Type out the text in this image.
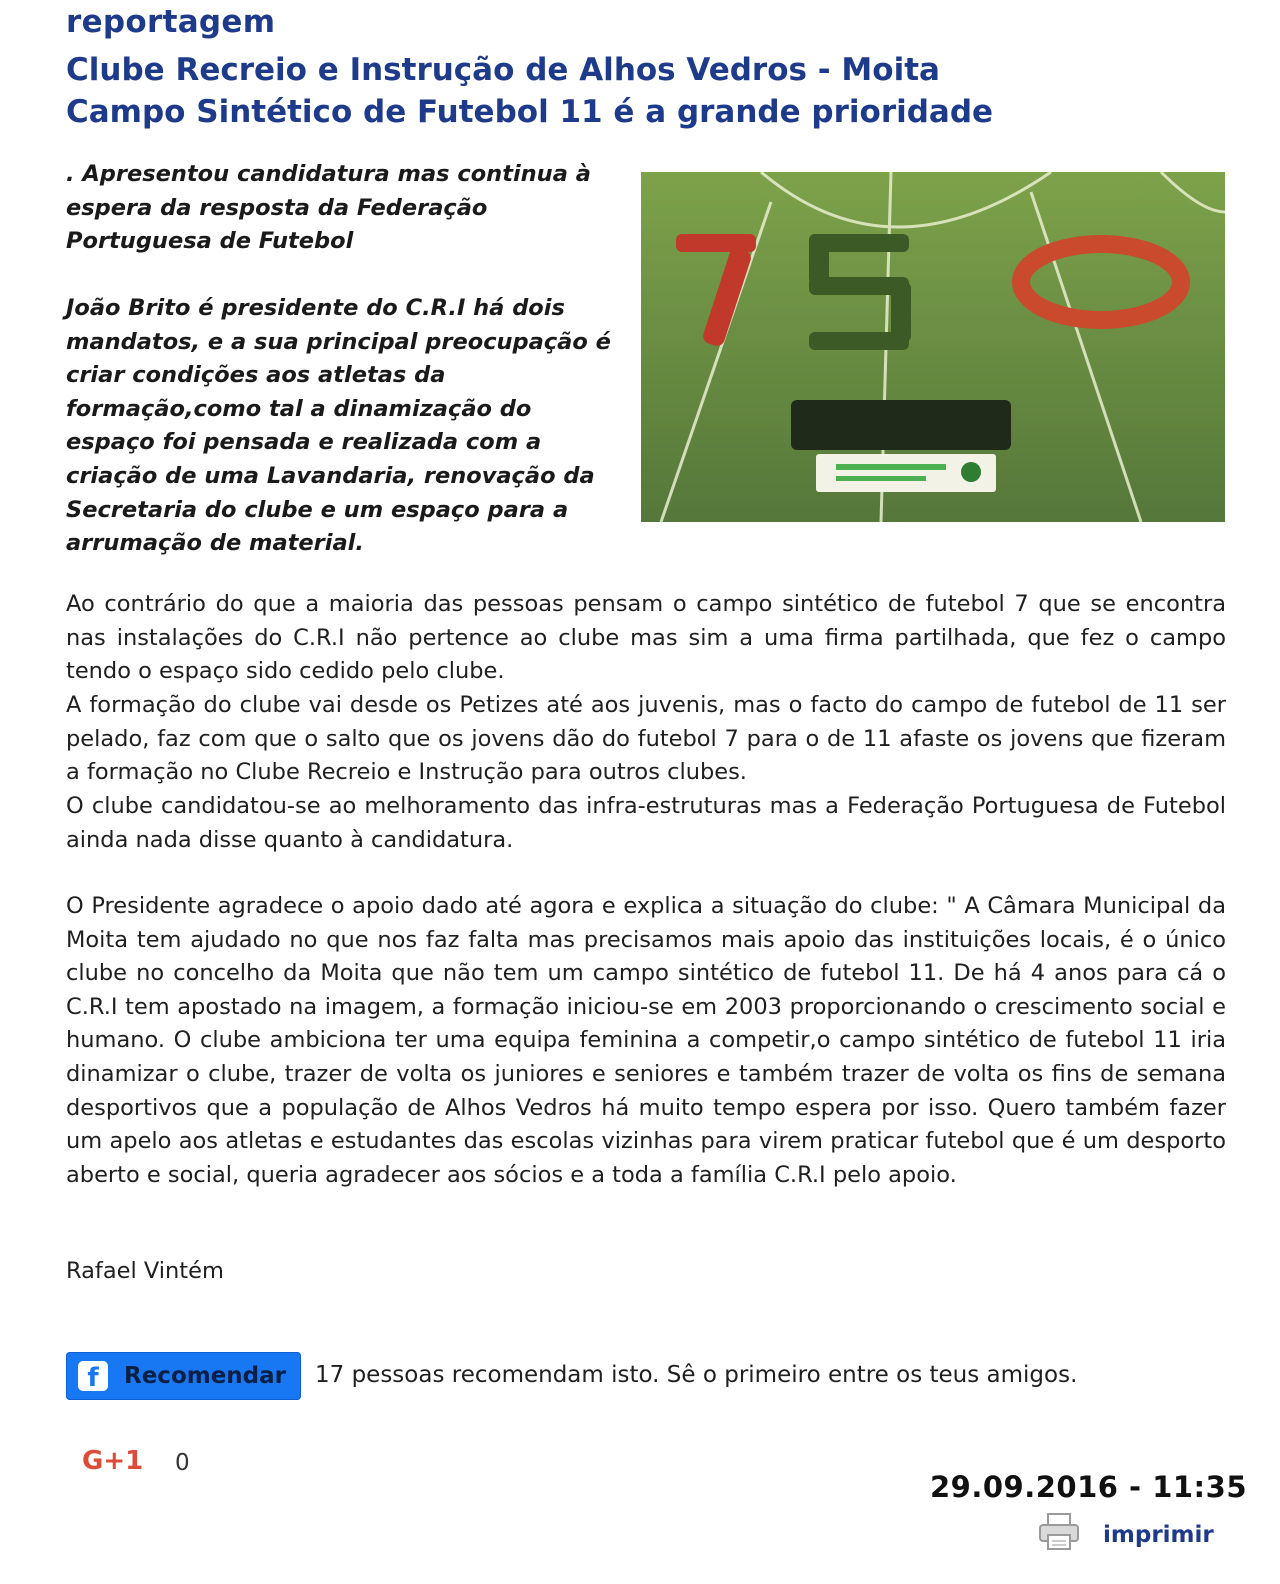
reportagem
Clube Recreio e Instrução de Alhos Vedros - Moita
Campo Sintético de Futebol 11 é a grande prioridade

. Apresentou candidatura mas continua à espera da resposta da Federação Portuguesa de Futebol

João Brito é presidente do C.R.I há dois mandatos, e a sua principal preocupação é criar condições aos atletas da formação,como tal a dinamização do espaço foi pensada e realizada com a criação de uma Lavandaria, renovação da Secretaria do clube e um espaço para a arrumação de material.

Ao contrário do que a maioria das pessoas pensam o campo sintético de futebol 7 que se encontra nas instalações do C.R.I não pertence ao clube mas sim a uma firma partilhada, que fez o campo tendo o espaço sido cedido pelo clube.

A formação do clube vai desde os Petizes até aos juvenis, mas o facto do campo de futebol de 11 ser pelado, faz com que o salto que os jovens dão do futebol 7 para o de 11 afaste os jovens que fizeram a formação no Clube Recreio e Instrução para outros clubes.

O clube candidatou-se ao melhoramento das infra-estruturas mas a Federação Portuguesa de Futebol ainda nada disse quanto à candidatura.

O Presidente agradece o apoio dado até agora e explica a situação do clube: " A Câmara Municipal da Moita tem ajudado no que nos faz falta mas precisamos mais apoio das instituições locais, é o único clube no concelho da Moita que não tem um campo sintético de futebol 11. De há 4 anos para cá o C.R.I tem apostado na imagem, a formação iniciou-se em 2003 proporcionando o crescimento social e humano. O clube ambiciona ter uma equipa feminina a competir,o campo sintético de futebol 11 iria dinamizar o clube, trazer de volta os juniores e seniores e também trazer de volta os fins de semana desportivos que a população de Alhos Vedros há muito tempo espera por isso. Quero também fazer um apelo aos atletas e estudantes das escolas vizinhas para virem praticar futebol que é um desporto aberto e social, queria agradecer aos sócios e a toda a família C.R.I pelo apoio.

Rafael Vintém
f	Recomendar 17 pessoas recomendam isto. Sê o primeiro entre os teus amigos.
G+1 0
29.09.2016 - 11:35
imprimir
